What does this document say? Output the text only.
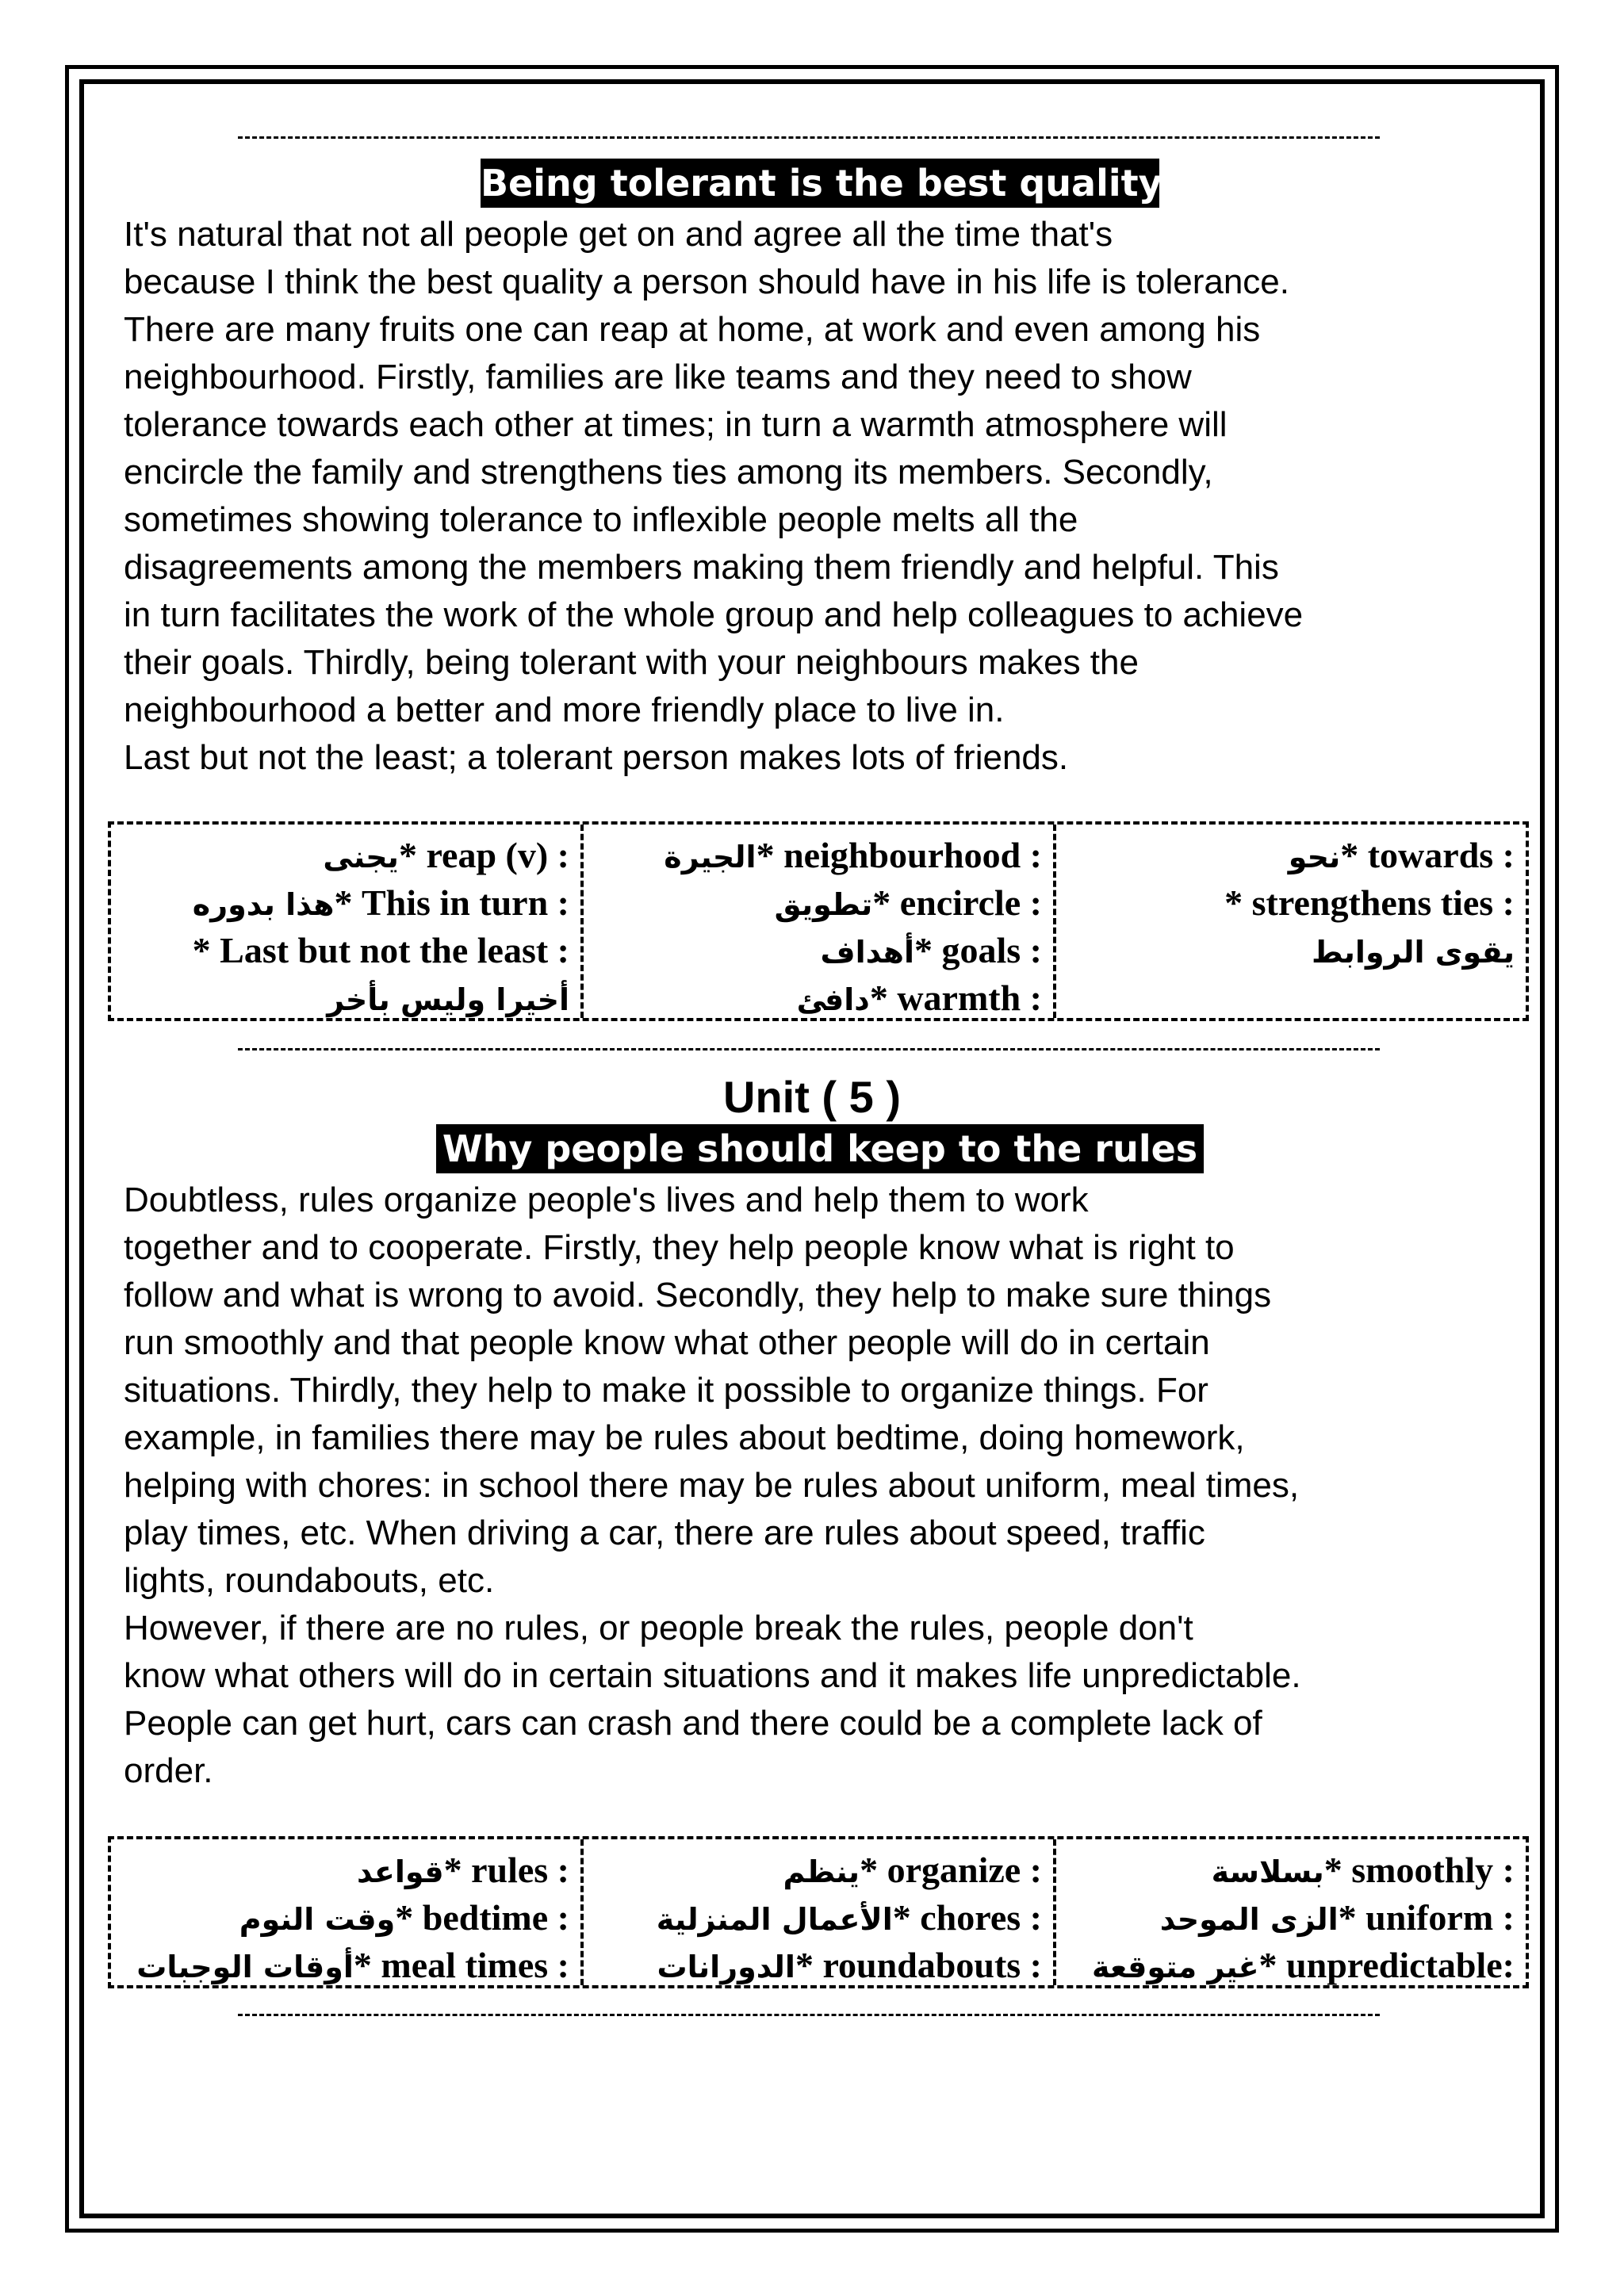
Being tolerant is the best quality
It's natural that not all people get on and agree all the time that's
because I think the best quality a person should have in his life is tolerance.
There are many fruits one can reap at home, at work and even among his
neighbourhood. Firstly, families are like teams and they need to show
tolerance towards each other at times; in turn a warmth atmosphere will
encircle the family and strengthens ties among its members. Secondly,
sometimes showing tolerance to inflexible people melts all the
disagreements among the members making them friendly and helpful. This
in turn facilitates the work of the whole group and help colleagues to achieve
their goals. Thirdly, being tolerant with your neighbours makes the
neighbourhood a better and more friendly place to live in.
Last but not the least; a tolerant person makes lots of friends.
يجنى* reap (v) :
هذا بدوره* This in turn :
* Last but not the least :
أخيرا وليس بأخر
الجيرة* neighbourhood :
تطويق* encircle :
أهداف* goals :
دافئ* warmth :
نحو* towards :
* strengthens ties :
يقوى الروابط

Unit ( 5 )
Why people should keep to the rules
Doubtless, rules organize people's lives and help them to work
together and to cooperate. Firstly, they help people know what is right to
follow and what is wrong to avoid. Secondly, they help to make sure things
run smoothly and that people know what other people will do in certain
situations. Thirdly, they help to make it possible to organize things. For
example, in families there may be rules about bedtime, doing homework,
helping with chores: in school there may be rules about uniform, meal times,
play times, etc. When driving a car, there are rules about speed, traffic
lights, roundabouts, etc.
However, if there are no rules, or people break the rules, people don't
know what others will do in certain situations and it makes life unpredictable.
People can get hurt, cars can crash and there could be a complete lack of
order.
قواعد* rules :
وقت النوم* bedtime :
أوقات الوجبات* meal times :
ينظم* organize :
الأعمال المنزلية* chores :
الدورانات* roundabouts :
بسلاسة* smoothly :
الزى الموحد* uniform :
غير متوقعة* unpredictable:
